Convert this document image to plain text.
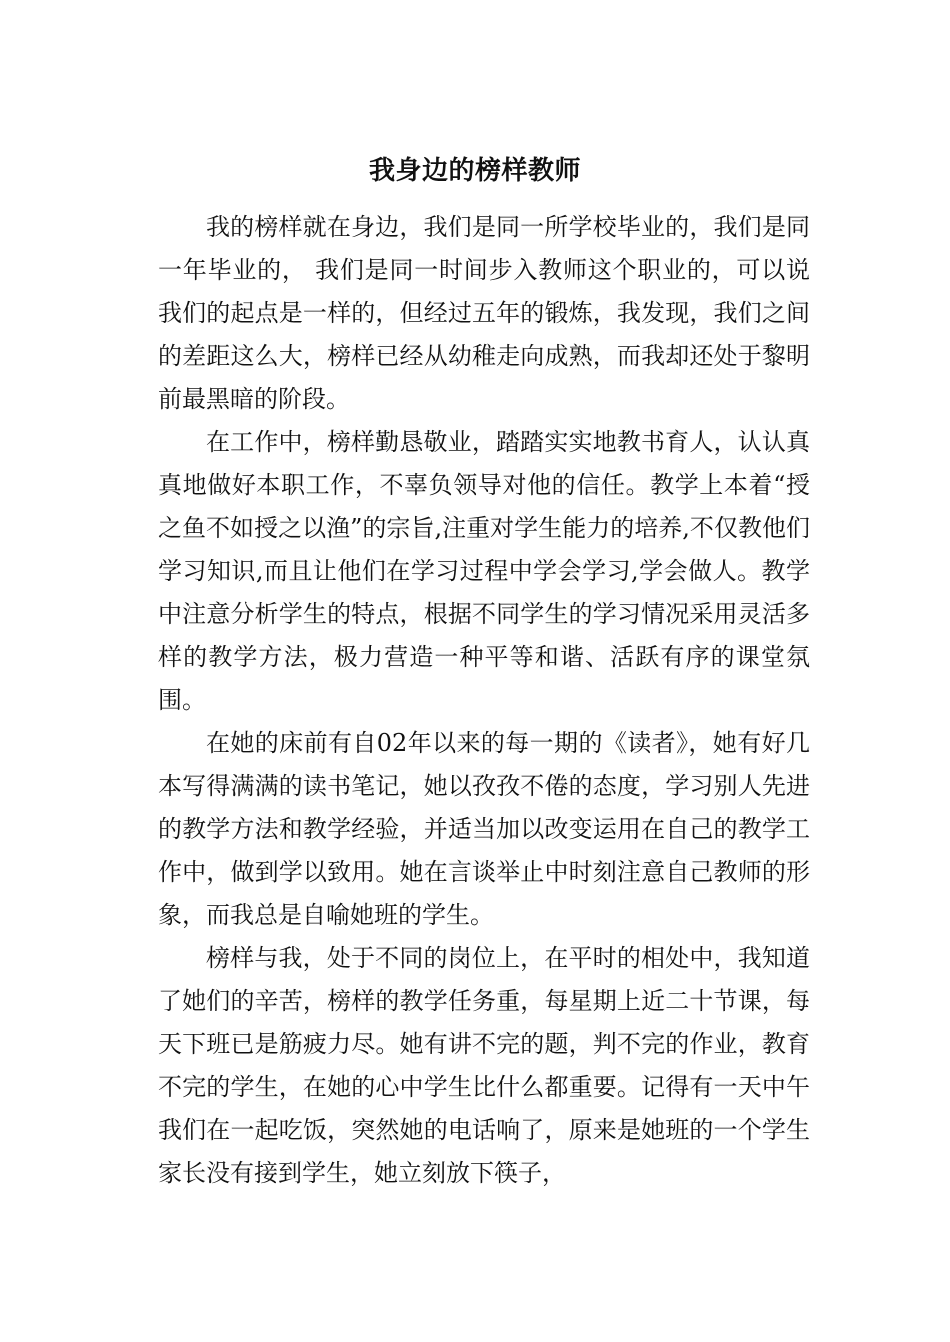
我身边的榜样教师

我的榜样就在身边，我们是同一所学校毕业的，我们是同一年毕业的， 我们是同一时间步入教师这个职业的，可以说我们的起点是一样的，但经过五年的锻炼，我发现，我们之间的差距这么大，榜样已经从幼稚走向成熟，而我却还处于黎明前最黑暗的阶段。

在工作中，榜样勤恳敬业，踏踏实实地教书育人，认认真真地做好本职工作，不辜负领导对他的信任。教学上本着“授之鱼不如授之以渔”的宗旨,注重对学生能力的培养,不仅教他们学习知识,而且让他们在学习过程中学会学习,学会做人。教学中注意分析学生的特点，根据不同学生的学习情况采用灵活多样的教学方法，极力营造一种平等和谐、活跃有序的课堂氛围。

在她的床前有自02年以来的每一期的《读者》，她有好几本写得满满的读书笔记，她以孜孜不倦的态度，学习别人先进的教学方法和教学经验，并适当加以改变运用在自己的教学工作中，做到学以致用。她在言谈举止中时刻注意自己教师的形象，而我总是自喻她班的学生。

榜样与我，处于不同的岗位上，在平时的相处中，我知道了她们的辛苦，榜样的教学任务重，每星期上近二十节课，每天下班已是筋疲力尽。她有讲不完的题，判不完的作业，教育不完的学生，在她的心中学生比什么都重要。记得有一天中午我们在一起吃饭，突然她的电话响了，原来是她班的一个学生家长没有接到学生，她立刻放下筷子，
